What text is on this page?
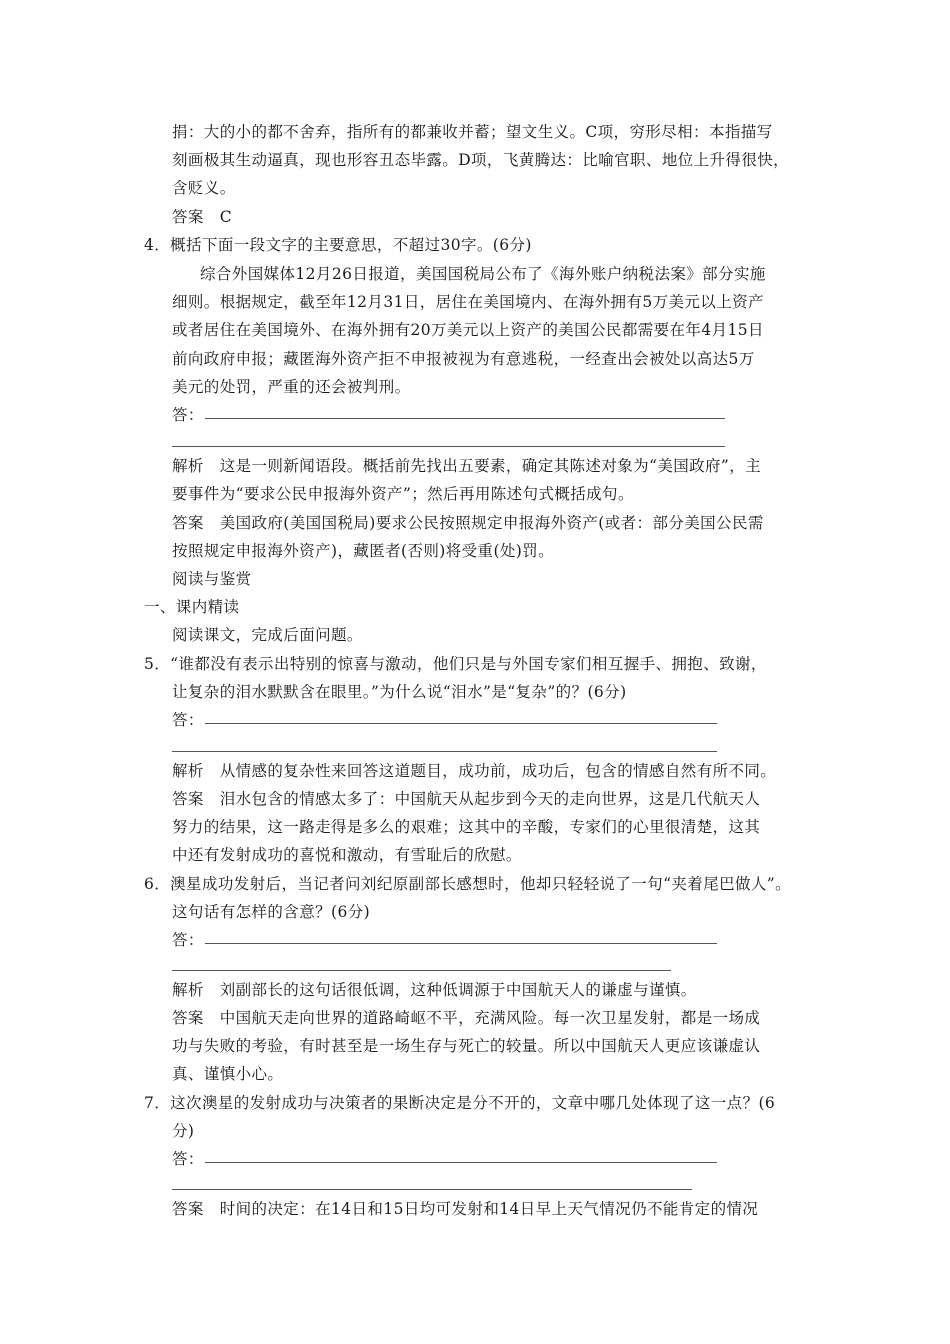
捐：大的小的都不舍弃，指所有的都兼收并蓄；望文生义。C项，穷形尽相：本指描写
刻画极其生动逼真，现也形容丑态毕露。D项，飞黄腾达：比喻官职、地位上升得很快，
含贬义。
答案　C
4．概括下面一段文字的主要意思，不超过30字。(6分)
综合外国媒体12月26日报道，美国国税局公布了《海外账户纳税法案》部分实施
细则。根据规定，截至年12月31日，居住在美国境内、在海外拥有5万美元以上资产
或者居住在美国境外、在海外拥有20万美元以上资产的美国公民都需要在年4月15日
前向政府申报；藏匿海外资产拒不申报被视为有意逃税，一经查出会被处以高达5万
美元的处罚，严重的还会被判刑。
答：
解析　这是一则新闻语段。概括前先找出五要素，确定其陈述对象为“美国政府”，主
要事件为“要求公民申报海外资产”；然后再用陈述句式概括成句。
答案　美国政府(美国国税局)要求公民按照规定申报海外资产(或者：部分美国公民需
按照规定申报海外资产)，藏匿者(否则)将受重(处)罚。
阅读与鉴赏
一、课内精读
阅读课文，完成后面问题。
5．“谁都没有表示出特别的惊喜与激动，他们只是与外国专家们相互握手、拥抱、致谢，
让复杂的泪水默默含在眼里。”为什么说“泪水”是“复杂”的？(6分)
答：
解析　从情感的复杂性来回答这道题目，成功前，成功后，包含的情感自然有所不同。
答案　泪水包含的情感太多了：中国航天从起步到今天的走向世界，这是几代航天人
努力的结果，这一路走得是多么的艰难；这其中的辛酸，专家们的心里很清楚，这其
中还有发射成功的喜悦和激动，有雪耻后的欣慰。
6．澳星成功发射后，当记者问刘纪原副部长感想时，他却只轻轻说了一句“夹着尾巴做人”。
这句话有怎样的含意？(6分)
答：
解析　刘副部长的这句话很低调，这种低调源于中国航天人的谦虚与谨慎。
答案　中国航天走向世界的道路崎岖不平，充满风险。每一次卫星发射，都是一场成
功与失败的考验，有时甚至是一场生存与死亡的较量。所以中国航天人更应该谦虚认
真、谨慎小心。
7．这次澳星的发射成功与决策者的果断决定是分不开的，文章中哪几处体现了这一点？(6
分)
答：
答案　时间的决定：在14日和15日均可发射和14日早上天气情况仍不能肯定的情况
